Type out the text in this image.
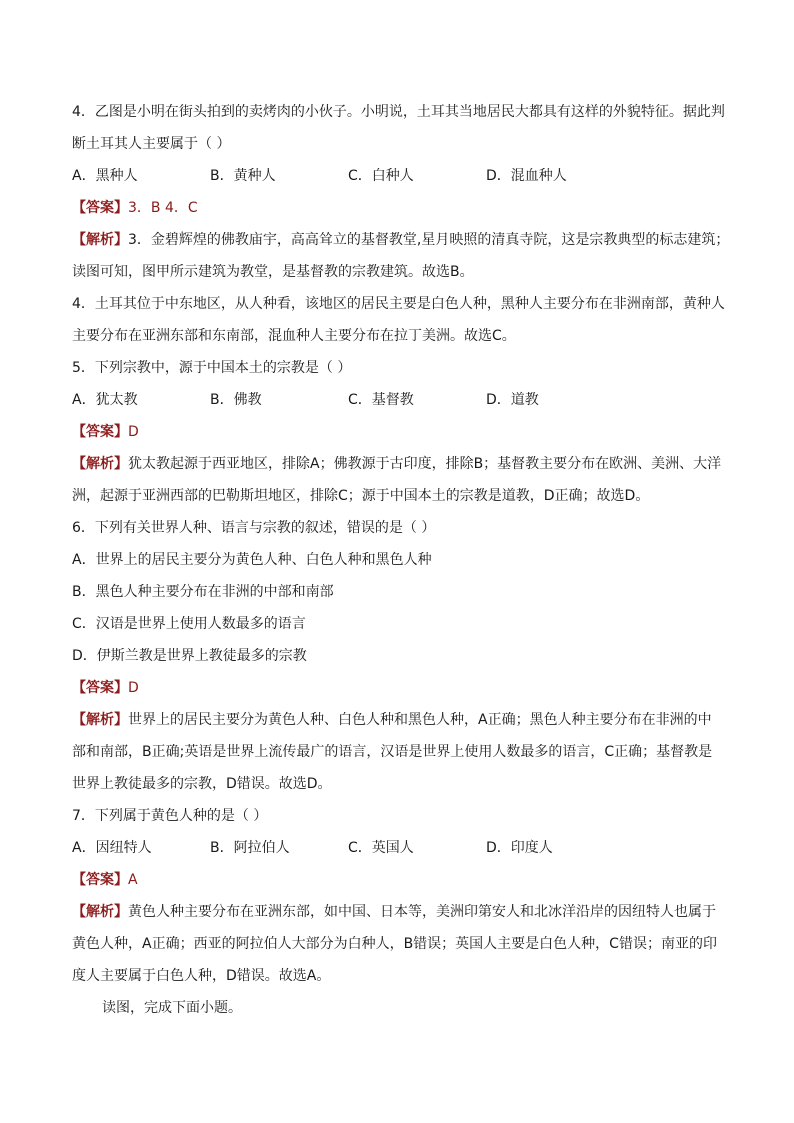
4．乙图是小明在街头拍到的卖烤肉的小伙子。小明说，土耳其当地居民大都具有这样的外貌特征。据此判
断土耳其人主要属于（ ）
A．黑种人	B．黄种人	C．白种人	D．混血种人
【答案】3．B 4．C
【解析】3．金碧辉煌的佛教庙宇，高高耸立的基督教堂,星月映照的清真寺院，这是宗教典型的标志建筑；
读图可知，图甲所示建筑为教堂，是基督教的宗教建筑。故选B。
4．土耳其位于中东地区，从人种看，该地区的居民主要是白色人种，黑种人主要分布在非洲南部，黄种人
主要分布在亚洲东部和东南部，混血种人主要分布在拉丁美洲。故选C。
5．下列宗教中，源于中国本土的宗教是（ ）
A．犹太教	B．佛教	C．基督教	D．道教
【答案】D
【解析】犹太教起源于西亚地区，排除A；佛教源于古印度，排除B；基督教主要分布在欧洲、美洲、大洋
洲，起源于亚洲西部的巴勒斯坦地区，排除C；源于中国本土的宗教是道教，D正确；故选D。
6．下列有关世界人种、语言与宗教的叙述，错误的是（ ）
A．世界上的居民主要分为黄色人种、白色人种和黑色人种
B．黑色人种主要分布在非洲的中部和南部
C．汉语是世界上使用人数最多的语言
D．伊斯兰教是世界上教徒最多的宗教
【答案】D
【解析】世界上的居民主要分为黄色人种、白色人种和黑色人种，A正确；黑色人种主要分布在非洲的中
部和南部，B正确;英语是世界上流传最广的语言，汉语是世界上使用人数最多的语言，C正确；基督教是
世界上教徒最多的宗教，D错误。故选D。
7．下列属于黄色人种的是（ ）
A．因纽特人	B．阿拉伯人	C．英国人	D．印度人
【答案】A
【解析】黄色人种主要分布在亚洲东部，如中国、日本等，美洲印第安人和北冰洋沿岸的因纽特人也属于
黄色人种，A正确；西亚的阿拉伯人大部分为白种人，B错误；英国人主要是白色人种，C错误；南亚的印
度人主要属于白色人种，D错误。故选A。
读图，完成下面小题。
